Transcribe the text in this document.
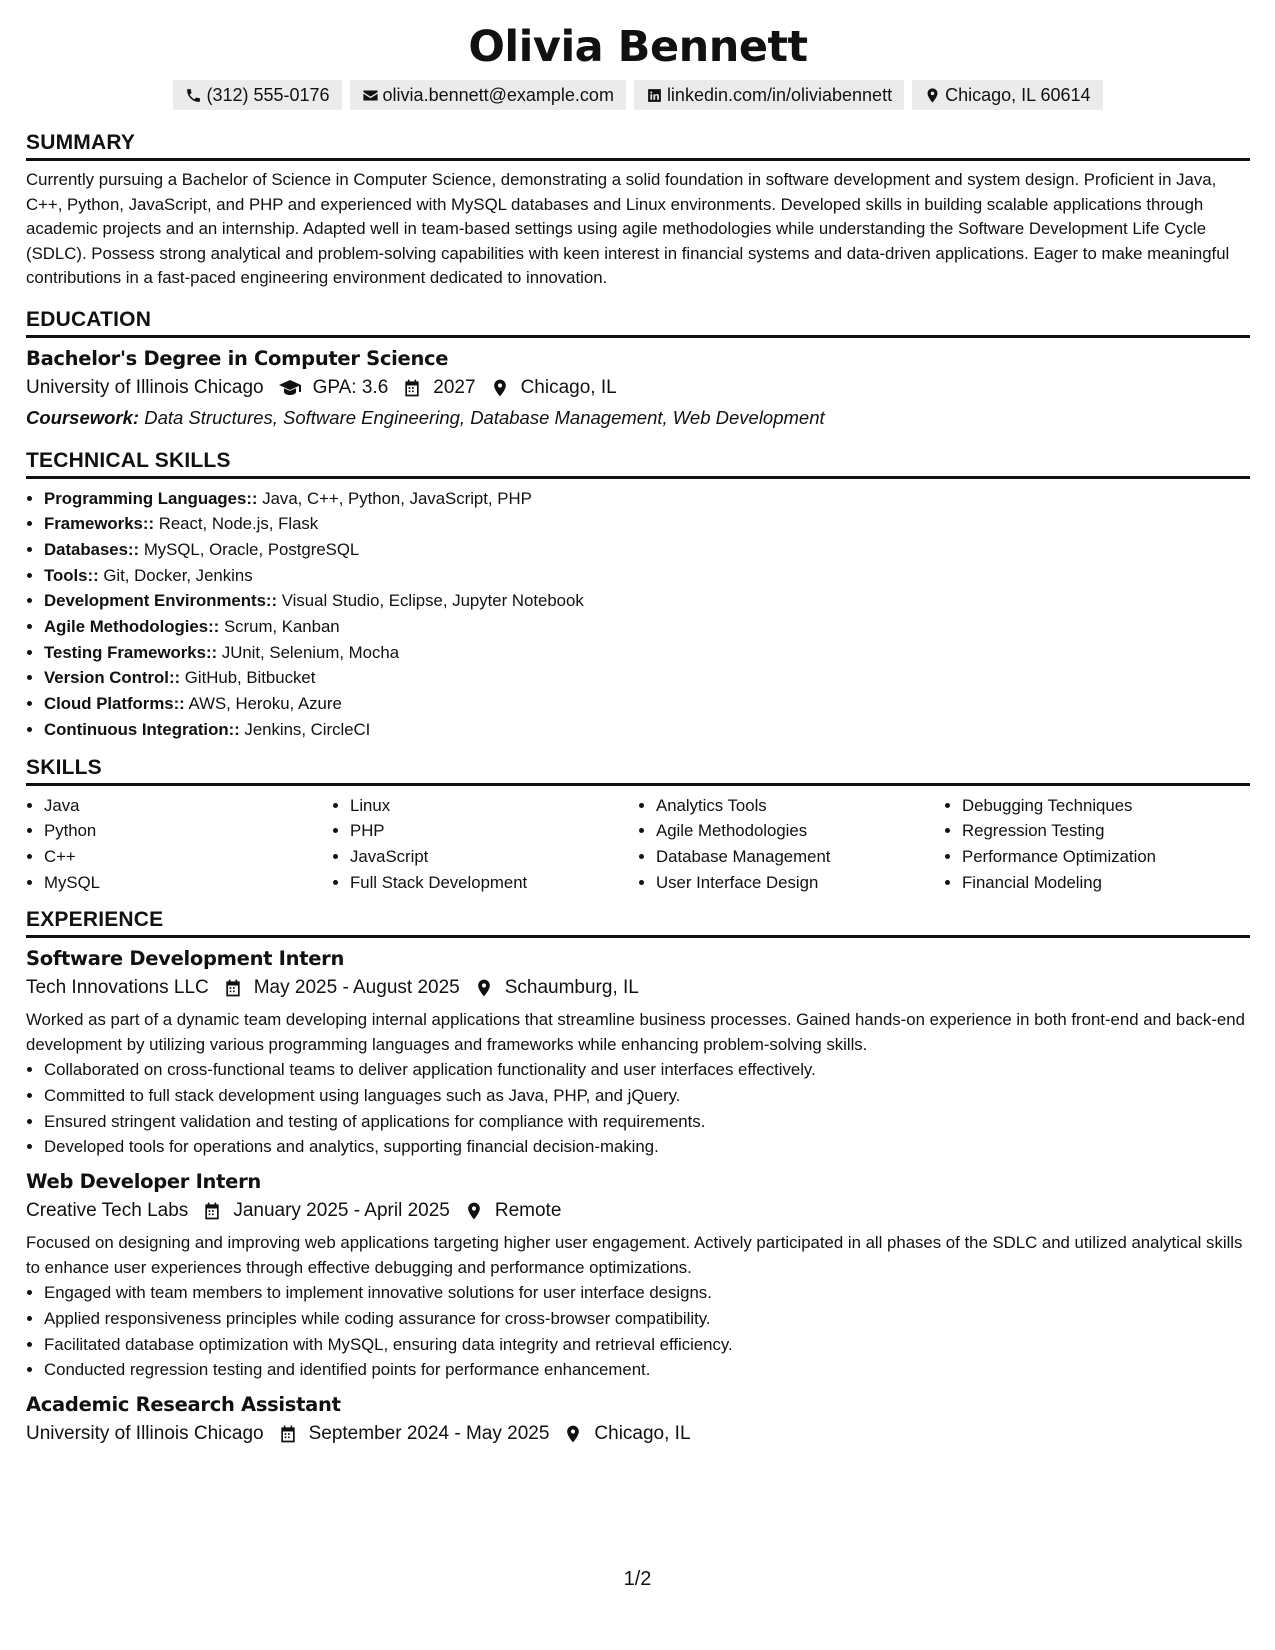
Olivia Bennett
(312) 555-0176	olivia.bennett@example.com	linkedin.com/in/oliviabennett	Chicago, IL 60614
SUMMARY

Currently pursuing a Bachelor of Science in Computer Science, demonstrating a solid foundation in software development and system design. Proficient in Java, C++, Python, JavaScript, and PHP and experienced with MySQL databases and Linux environments. Developed skills in building scalable applications through academic projects and an internship. Adapted well in team-based settings using agile methodologies while understanding the Software Development Life Cycle (SDLC). Possess strong analytical and problem-solving capabilities with keen interest in financial systems and data-driven applications. Eager to make meaningful contributions in a fast-paced engineering environment dedicated to innovation.

EDUCATION
Bachelor's Degree in Computer Science
University of Illinois Chicago	GPA: 3.6 2027 Chicago, IL

Coursework: Data Structures, Software Engineering, Database Management, Web Development

TECHNICAL SKILLS
• Programming Languages:: Java, C++, Python, JavaScript, PHP
• Frameworks:: React, Node.js, Flask
• Databases:: MySQL, Oracle, PostgreSQL
• Tools:: Git, Docker, Jenkins
• Development Environments:: Visual Studio, Eclipse, Jupyter Notebook
• Agile Methodologies:: Scrum, Kanban
• Testing Frameworks:: JUnit, Selenium, Mocha
• Version Control:: GitHub, Bitbucket
• Cloud Platforms:: AWS, Heroku, Azure
• Continuous Integration:: Jenkins, CircleCI
SKILLS
• Java
• Python
• C++
• MySQL
• Linux
• PHP
• JavaScript
• Full Stack Development
• Analytics Tools
• Agile Methodologies
• Database Management
• User Interface Design
• Debugging Techniques
• Regression Testing
• Performance Optimization
• Financial Modeling
EXPERIENCE
Software Development Intern
Tech Innovations LLC May 2025 - August 2025 Schaumburg, IL

Worked as part of a dynamic team developing internal applications that streamline business processes. Gained hands-on experience in both front-end and back-end development by utilizing various programming languages and frameworks while enhancing problem-solving skills.

• Collaborated on cross-functional teams to deliver application functionality and user interfaces effectively.
• Committed to full stack development using languages such as Java, PHP, and jQuery.
• Ensured stringent validation and testing of applications for compliance with requirements.
• Developed tools for operations and analytics, supporting financial decision-making.
Web Developer Intern
Creative Tech Labs January 2025 - April 2025 Remote

Focused on designing and improving web applications targeting higher user engagement. Actively participated in all phases of the SDLC and utilized analytical skills to enhance user experiences through effective debugging and performance optimizations.

• Engaged with team members to implement innovative solutions for user interface designs.
• Applied responsiveness principles while coding assurance for cross-browser compatibility.
• Facilitated database optimization with MySQL, ensuring data integrity and retrieval efficiency.
• Conducted regression testing and identified points for performance enhancement.
Academic Research Assistant
University of Illinois Chicago September 2024 - May 2025 Chicago, IL
1/2
